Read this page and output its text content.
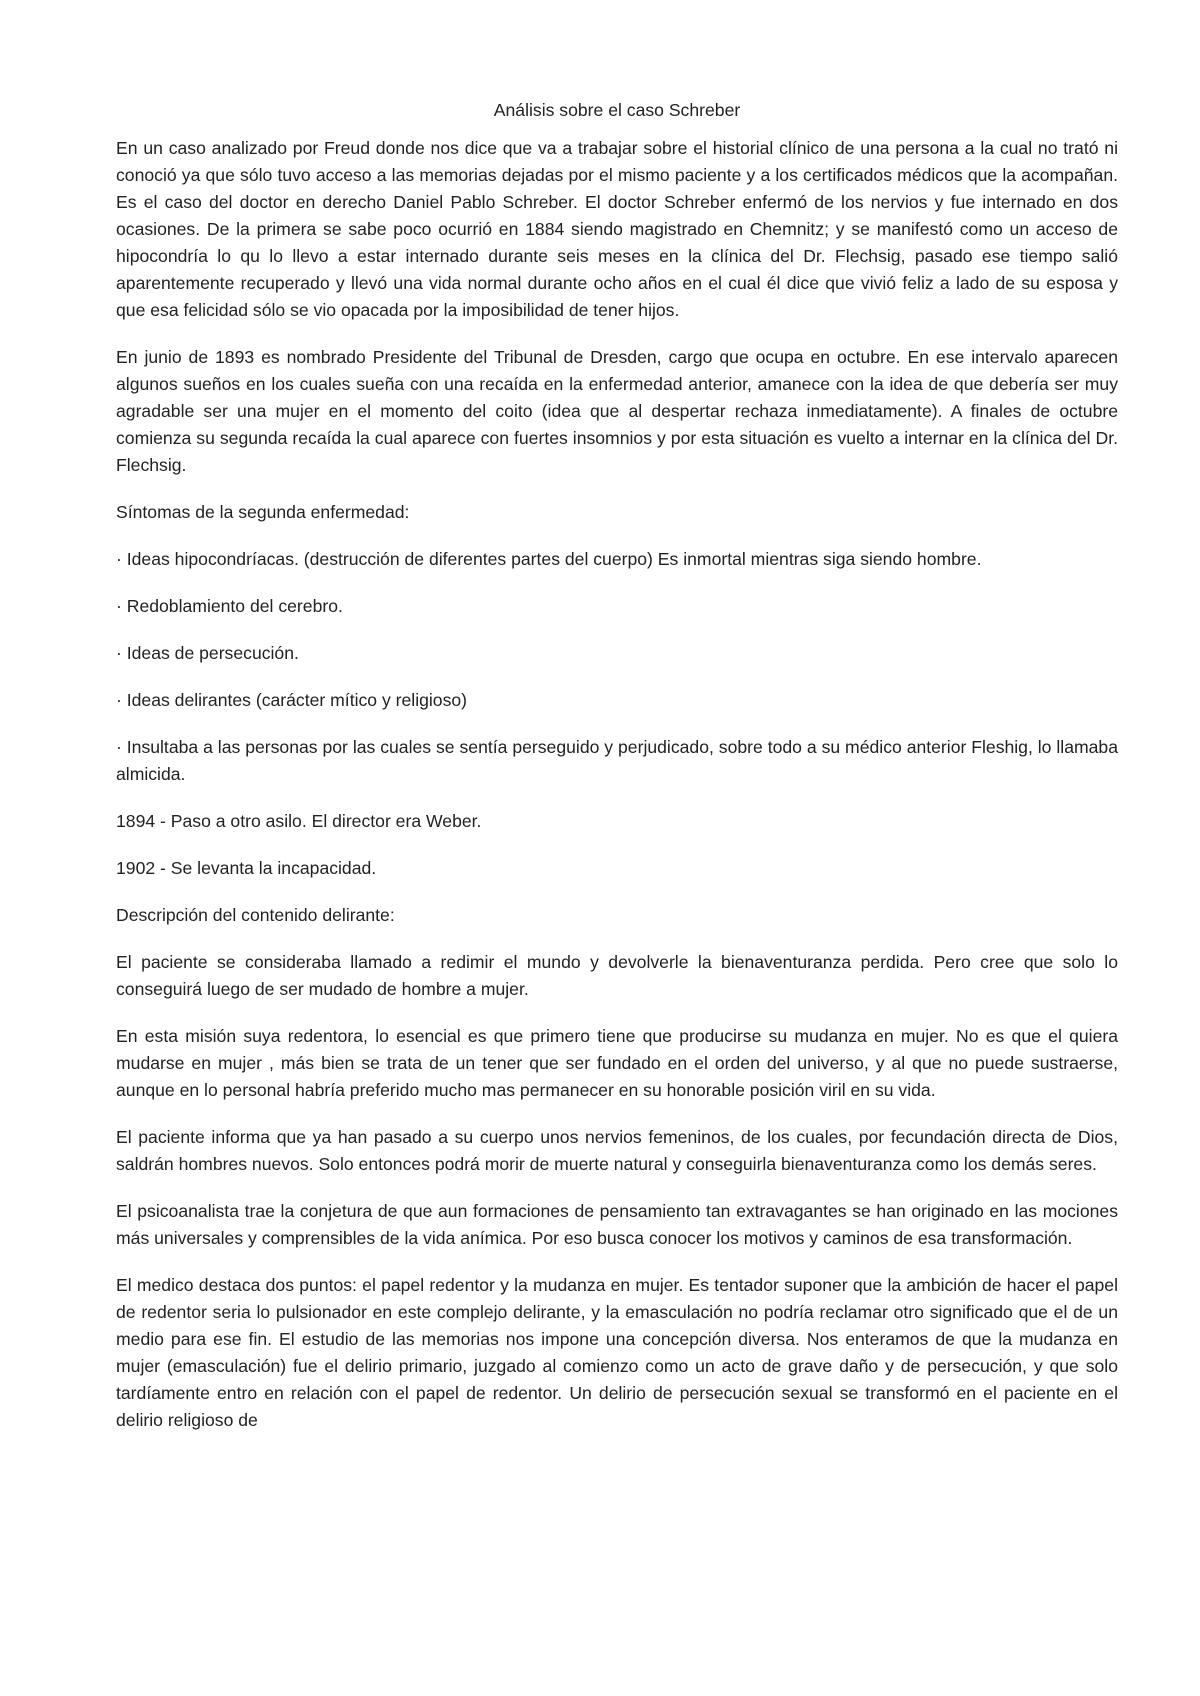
Análisis sobre el caso Schreber
En un caso analizado por Freud donde nos dice que va a trabajar sobre el historial clínico de una persona a la cual no trató ni conoció ya que sólo tuvo acceso a las memorias dejadas por el mismo paciente y a los certificados médicos que la acompañan. Es el caso del doctor en derecho Daniel Pablo Schreber. El doctor Schreber enfermó de los nervios y fue internado en dos ocasiones. De la primera se sabe poco ocurrió en 1884 siendo magistrado en Chemnitz; y se manifestó como un acceso de hipocondría lo qu lo llevo a estar internado durante seis meses en la clínica del Dr. Flechsig, pasado ese tiempo salió aparentemente recuperado y llevó una vida normal durante ocho años en el cual él dice que vivió feliz a lado de su esposa y que esa felicidad sólo se vio opacada por la imposibilidad de tener hijos.
En junio de 1893 es nombrado Presidente del Tribunal de Dresden, cargo que ocupa en octubre. En ese intervalo aparecen algunos sueños en los cuales sueña con una recaída en la enfermedad anterior, amanece con la idea de que debería ser muy agradable ser una mujer en el momento del coito (idea que al despertar rechaza inmediatamente). A finales de octubre comienza su segunda recaída la cual aparece con fuertes insomnios y por esta situación es vuelto a internar en la clínica del Dr. Flechsig.
Síntomas de la segunda enfermedad:
· Ideas hipocondríacas. (destrucción de diferentes partes del cuerpo) Es inmortal mientras siga siendo hombre.
· Redoblamiento del cerebro.
· Ideas de persecución.
· Ideas delirantes (carácter mítico y religioso)
· Insultaba a las personas por las cuales se sentía perseguido y perjudicado, sobre todo a su médico anterior Fleshig, lo llamaba almicida.
1894 - Paso a otro asilo. El director era Weber.
1902 - Se levanta la incapacidad.
Descripción del contenido delirante:
El paciente se consideraba llamado a redimir el mundo y devolverle la bienaventuranza perdida. Pero cree que solo lo conseguirá luego de ser mudado de hombre a mujer.
En esta misión suya redentora, lo esencial es que primero tiene que producirse su mudanza en mujer. No es que el quiera mudarse en mujer , más bien se trata de un tener que ser fundado en el orden del universo, y al que no puede sustraerse, aunque en lo personal habría preferido mucho mas permanecer en su honorable posición viril en su vida.
El paciente informa que ya han pasado a su cuerpo unos nervios femeninos, de los cuales, por fecundación directa de Dios, saldrán hombres nuevos. Solo entonces podrá morir de muerte natural y conseguirla bienaventuranza como los demás seres.
El psicoanalista trae la conjetura de que aun formaciones de pensamiento tan extravagantes se han originado en las mociones más universales y comprensibles de la vida anímica. Por eso busca conocer los motivos y caminos de esa transformación.
El medico destaca dos puntos: el papel redentor y la mudanza en mujer. Es tentador suponer que la ambición de hacer el papel de redentor seria lo pulsionador en este complejo delirante, y la emasculación no podría reclamar otro significado que el de un medio para ese fin. El estudio de las memorias nos impone una concepción diversa. Nos enteramos de que la mudanza en mujer (emasculación) fue el delirio primario, juzgado al comienzo como un acto de grave daño y de persecución, y que solo tardíamente entro en relación con el papel de redentor. Un delirio de persecución sexual se transformó en el paciente en el delirio religioso de
